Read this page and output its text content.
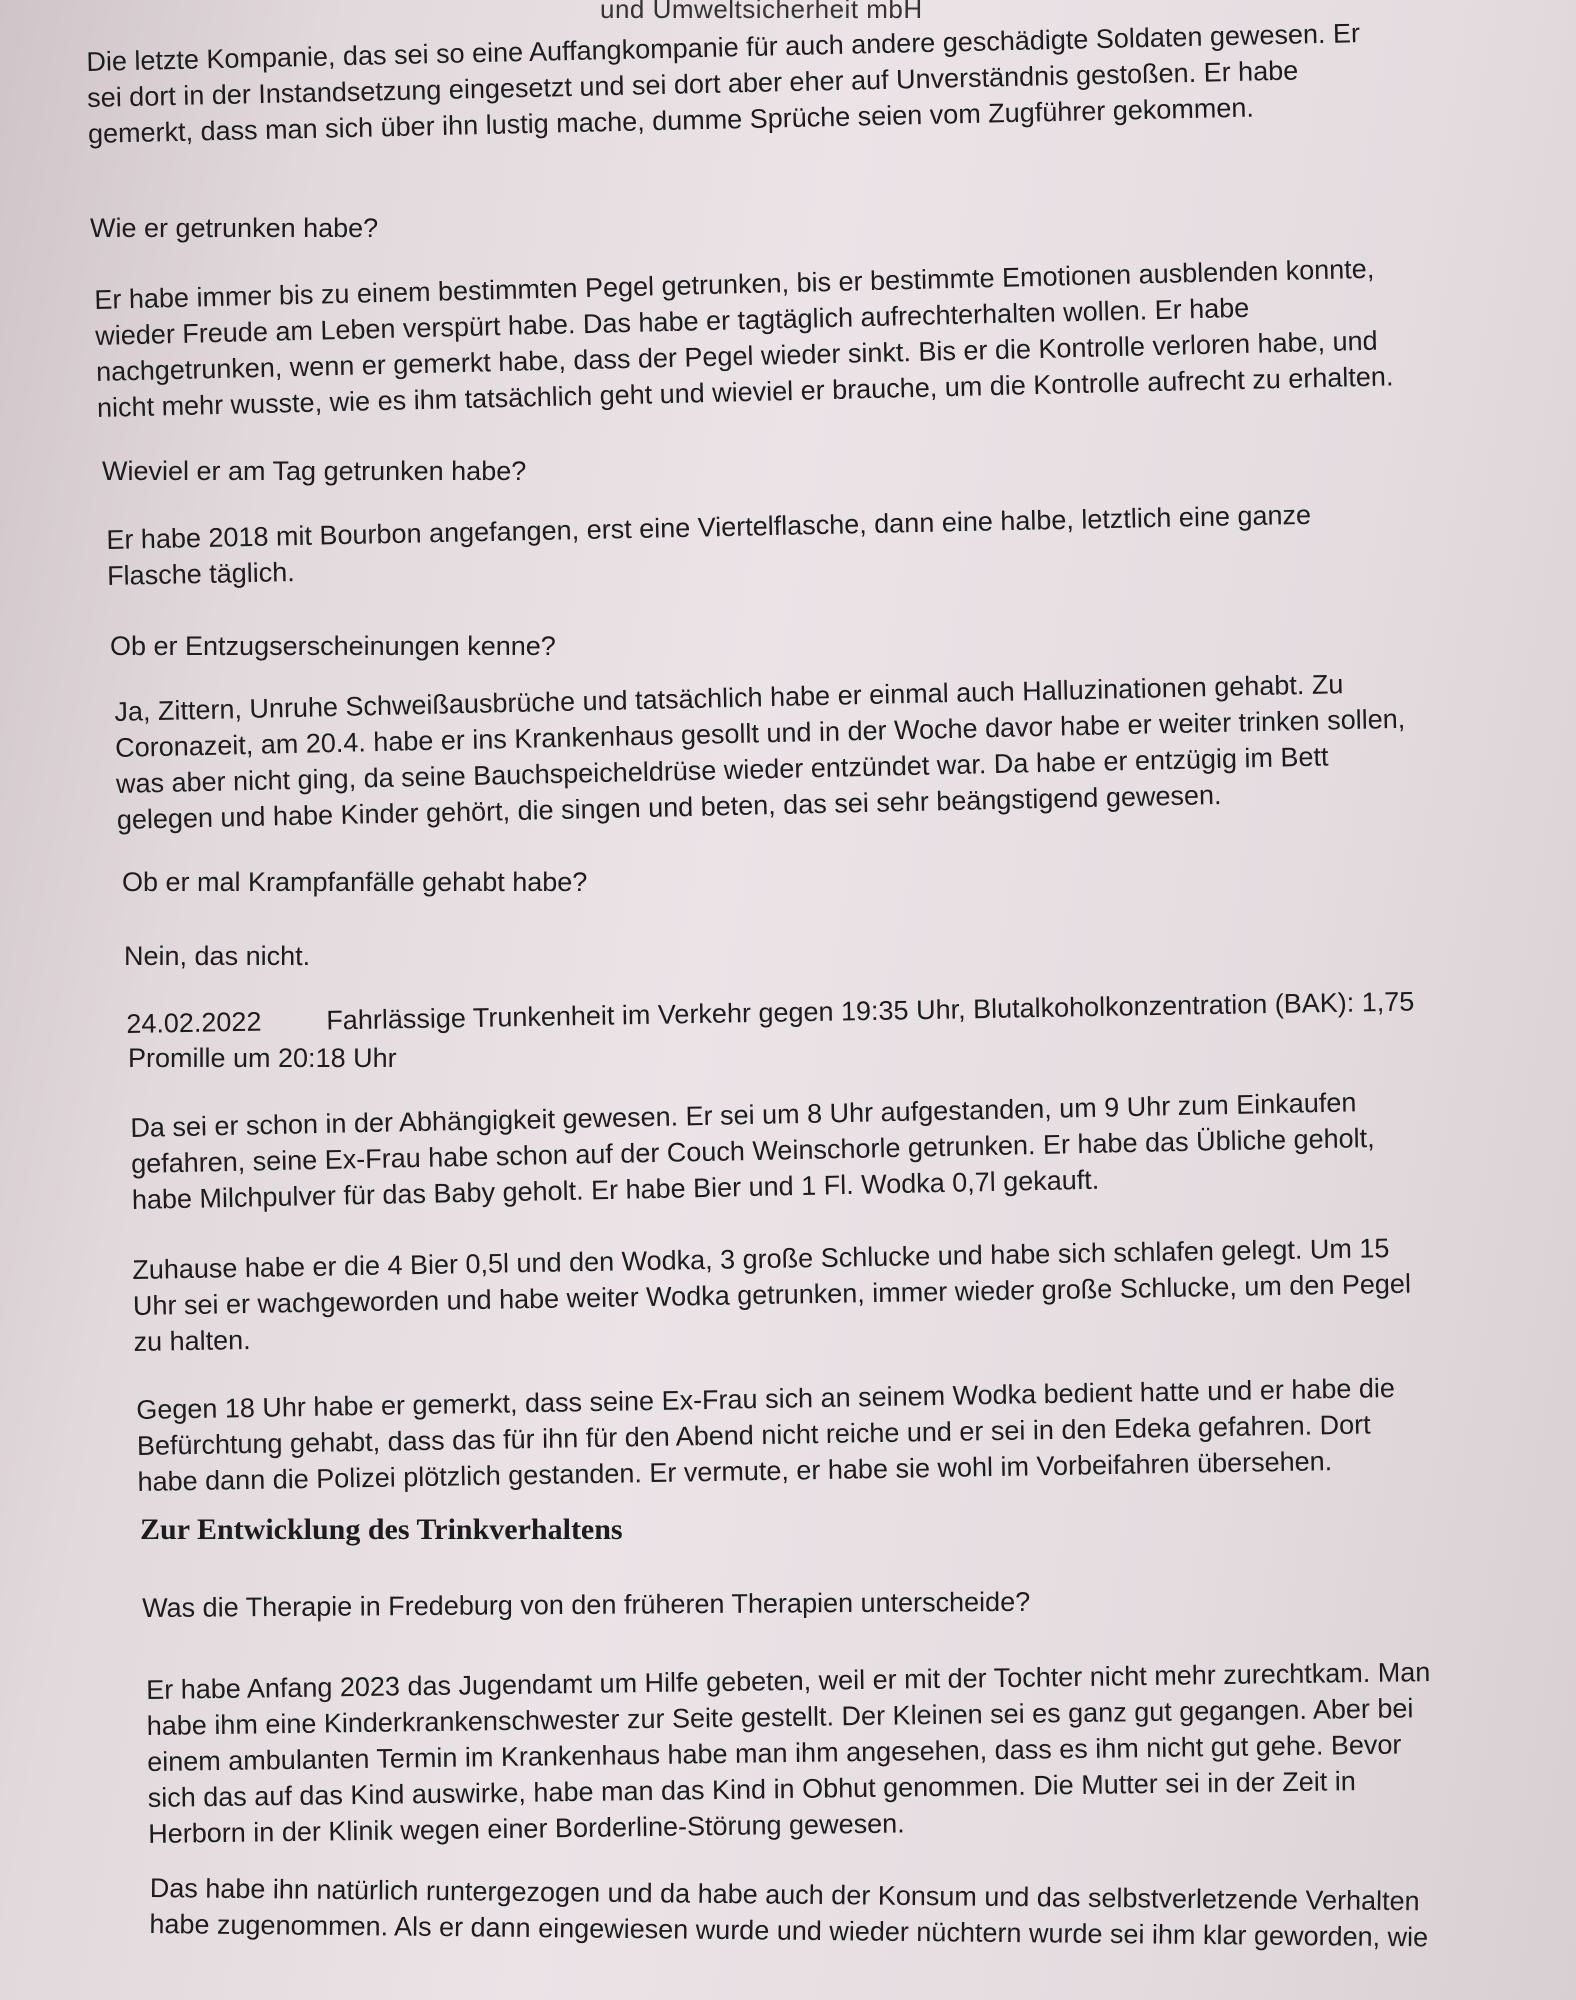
und Umweltsicherheit mbH
Die letzte Kompanie, das sei so eine Auffangkompanie für auch andere geschädigte Soldaten gewesen. Er
sei dort in der Instandsetzung eingesetzt und sei dort aber eher auf Unverständnis gestoßen. Er habe
gemerkt, dass man sich über ihn lustig mache, dumme Sprüche seien vom Zugführer gekommen.
Wie er getrunken habe?
Er habe immer bis zu einem bestimmten Pegel getrunken, bis er bestimmte Emotionen ausblenden konnte,
wieder Freude am Leben verspürt habe. Das habe er tagtäglich aufrechterhalten wollen. Er habe
nachgetrunken, wenn er gemerkt habe, dass der Pegel wieder sinkt. Bis er die Kontrolle verloren habe, und
nicht mehr wusste, wie es ihm tatsächlich geht und wieviel er brauche, um die Kontrolle aufrecht zu erhalten.
Wieviel er am Tag getrunken habe?
Er habe 2018 mit Bourbon angefangen, erst eine Viertelflasche, dann eine halbe, letztlich eine ganze
Flasche täglich.
Ob er Entzugserscheinungen kenne?
Ja, Zittern, Unruhe Schweißausbrüche und tatsächlich habe er einmal auch Halluzinationen gehabt. Zu
Coronazeit, am 20.4. habe er ins Krankenhaus gesollt und in der Woche davor habe er weiter trinken sollen,
was aber nicht ging, da seine Bauchspeicheldrüse wieder entzündet war. Da habe er entzügig im Bett
gelegen und habe Kinder gehört, die singen und beten, das sei sehr beängstigend gewesen.
Ob er mal Krampfanfälle gehabt habe?
Nein, das nicht.
24.02.2022 Fahrlässige Trunkenheit im Verkehr gegen 19:35 Uhr, Blutalkoholkonzentration (BAK): 1,75
Promille um 20:18 Uhr
Da sei er schon in der Abhängigkeit gewesen. Er sei um 8 Uhr aufgestanden, um 9 Uhr zum Einkaufen
gefahren, seine Ex-Frau habe schon auf der Couch Weinschorle getrunken. Er habe das Übliche geholt,
habe Milchpulver für das Baby geholt. Er habe Bier und 1 Fl. Wodka 0,7l gekauft.
Zuhause habe er die 4 Bier 0,5l und den Wodka, 3 große Schlucke und habe sich schlafen gelegt. Um 15
Uhr sei er wachgeworden und habe weiter Wodka getrunken, immer wieder große Schlucke, um den Pegel
zu halten.
Gegen 18 Uhr habe er gemerkt, dass seine Ex-Frau sich an seinem Wodka bedient hatte und er habe die
Befürchtung gehabt, dass das für ihn für den Abend nicht reiche und er sei in den Edeka gefahren. Dort
habe dann die Polizei plötzlich gestanden. Er vermute, er habe sie wohl im Vorbeifahren übersehen.
Zur Entwicklung des Trinkverhaltens
Was die Therapie in Fredeburg von den früheren Therapien unterscheide?
Er habe Anfang 2023 das Jugendamt um Hilfe gebeten, weil er mit der Tochter nicht mehr zurechtkam. Man
habe ihm eine Kinderkrankenschwester zur Seite gestellt. Der Kleinen sei es ganz gut gegangen. Aber bei
einem ambulanten Termin im Krankenhaus habe man ihm angesehen, dass es ihm nicht gut gehe. Bevor
sich das auf das Kind auswirke, habe man das Kind in Obhut genommen. Die Mutter sei in der Zeit in
Herborn in der Klinik wegen einer Borderline-Störung gewesen.
Das habe ihn natürlich runtergezogen und da habe auch der Konsum und das selbstverletzende Verhalten
habe zugenommen. Als er dann eingewiesen wurde und wieder nüchtern wurde sei ihm klar geworden, wie
